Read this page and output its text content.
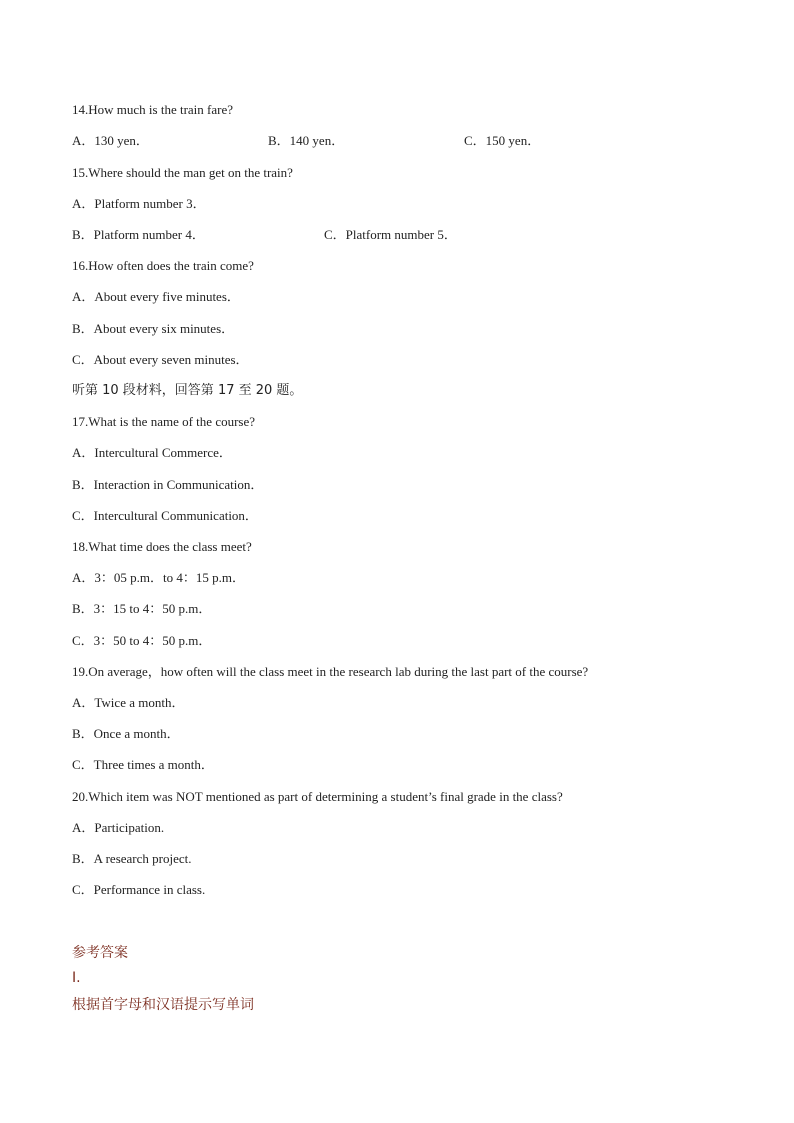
14.How much is the train fare?
A．130 yen．	B．140 yen．	C．150 yen．
15.Where should the man get on the train?
A．Platform number 3．
B．Platform number 4．	C．Platform number 5．
16.How often does the train come?
A．About every five minutes．
B．About every six minutes．
C．About every seven minutes．
听第 10 段材料，回答第 17 至 20 题。
17.What is the name of the course?
A．Intercultural Commerce．
B．Interaction in Communication．
C．Intercultural Communication．
18.What time does the class meet?
A．3：05 p.m．to 4：15 p.m．
B．3：15 to 4：50 p.m．
C．3：50 to 4：50 p.m．
19.On average，how often will the class meet in the research lab during the last part of the course?
A．Twice a month．
B．Once a month．
C．Three times a month．
20.Which item was NOT mentioned as part of determining a student’s final grade in the class?
A．Participation.
B．A research project.
C．Performance in class.
参考答案
I.
根据首字母和汉语提示写单词
